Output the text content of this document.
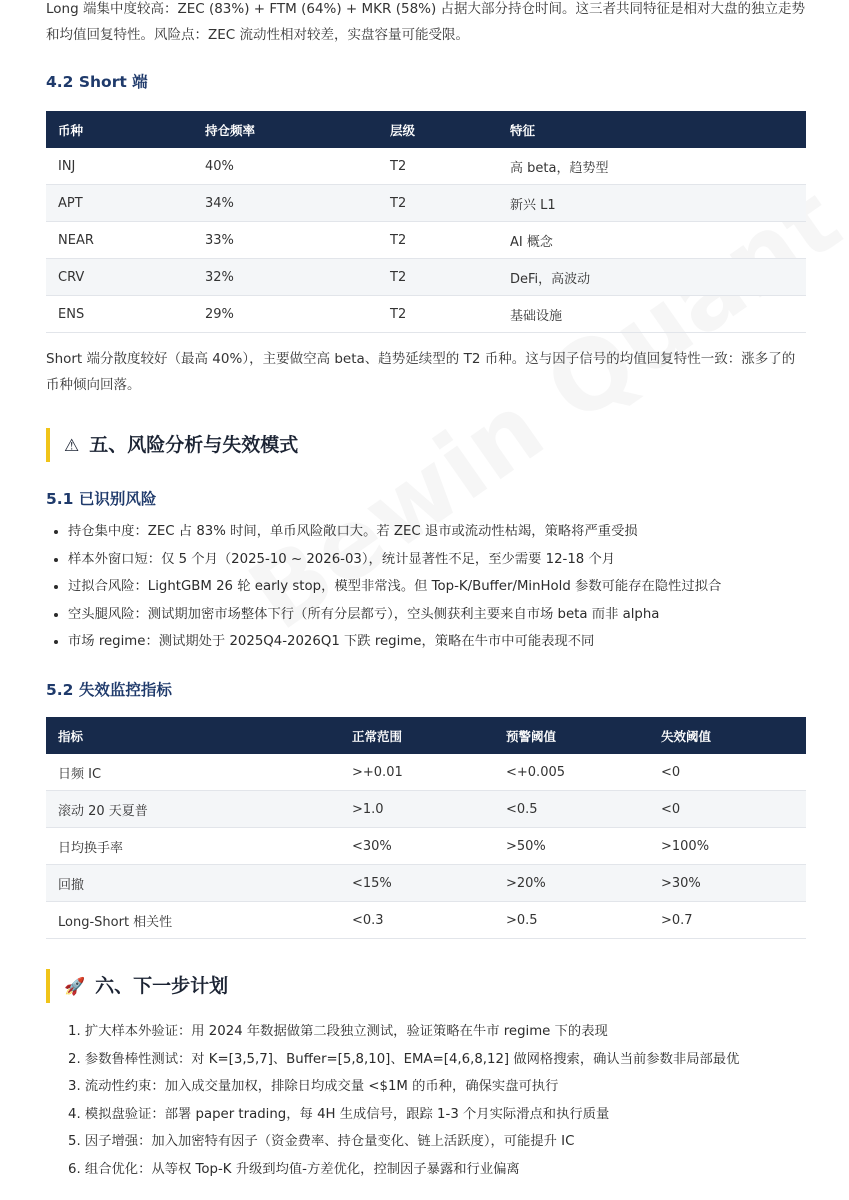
Long 端集中度较高：ZEC (83%) + FTM (64%) + MKR (58%) 占据大部分持仓时间。这三者共同特征是相对大盘的独立走势和均值回复特性。风险点：ZEC 流动性相对较差，实盘容量可能受限。

4.2 Short 端
币种	持仓频率	层级	特征
INJ	40%	T2	高 beta，趋势型
APT	34%	T2	新兴 L1
NEAR	33%	T2	AI 概念
CRV	32%	T2	DeFi，高波动
ENS	29%	T2	基础设施

Short 端分散度较好（最高 40%），主要做空高 beta、趋势延续型的 T2 币种。这与因子信号的均值回复特性一致：涨多了的币种倾向回落。

⚠ 五、风险分析与失效模式
5.1 已识别风险
• 持仓集中度：ZEC 占 83% 时间，单币风险敞口大。若 ZEC 退市或流动性枯竭，策略将严重受损
• 样本外窗口短：仅 5 个月（2025-10 ~ 2026-03），统计显著性不足，至少需要 12-18 个月
• 过拟合风险：LightGBM 26 轮 early stop，模型非常浅。但 Top-K/Buffer/MinHold 参数可能存在隐性过拟合
• 空头腿风险：测试期加密市场整体下行（所有分层都亏），空头侧获利主要来自市场 beta 而非 alpha
• 市场 regime：测试期处于 2025Q4-2026Q1 下跌 regime，策略在牛市中可能表现不同
5.2 失效监控指标
指标	正常范围	预警阈值	失效阈值
日频 IC	>+0.01	<+0.005	<0
滚动 20 天夏普	>1.0	<0.5	<0
日均换手率	<30%	>50%	>100%
回撤	<15%	>20%	>30%
Long-Short 相关性	<0.3	>0.5	>0.7
🚀 六、下一步计划
1. 扩大样本外验证：用 2024 年数据做第二段独立测试，验证策略在牛市 regime 下的表现
2. 参数鲁棒性测试：对 K=[3,5,7]、Buffer=[5,8,10]、EMA=[4,6,8,12] 做网格搜索，确认当前参数非局部最优
3. 流动性约束：加入成交量加权，排除日均成交量 <$1M 的币种，确保实盘可执行
4. 模拟盘验证：部署 paper trading，每 4H 生成信号，跟踪 1-3 个月实际滑点和执行质量
5. 因子增强：加入加密特有因子（资金费率、持仓量变化、链上活跃度），可能提升 IC
6. 组合优化：从等权 Top-K 升级到均值-方差优化，控制因子暴露和行业偏离
